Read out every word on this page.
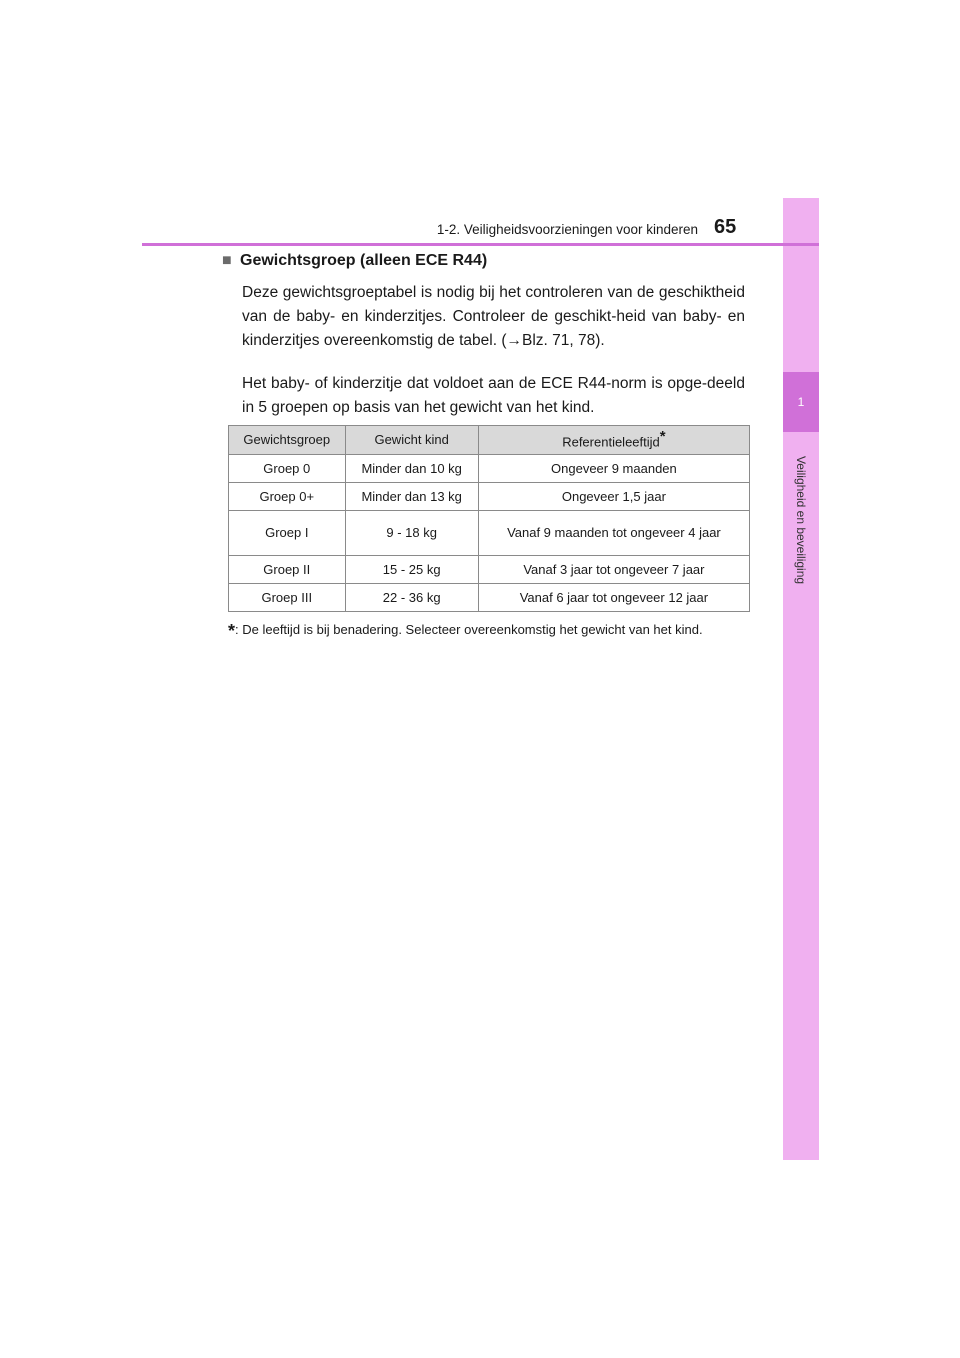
1
Veiligheid en beveiliging
1-2. Veiligheidsvoorzieningen voor kinderen 65
■ Gewichtsgroep (alleen ECE R44)
Deze gewichtsgroeptabel is nodig bij het controleren van de geschiktheid van de baby- en kinderzitjes. Controleer de geschikt-heid van baby- en kinderzitjes overeenkomstig de tabel. (→Blz. 71, 78).
Het baby- of kinderzitje dat voldoet aan de ECE R44-norm is opge-deeld in 5 groepen op basis van het gewicht van het kind.
Gewichtsgroep	Gewicht kind	Referentieleeftijd*
Groep 0	Minder dan 10 kg	Ongeveer 9 maanden
Groep 0+	Minder dan 13 kg	Ongeveer 1,5 jaar
Groep I	9 - 18 kg	Vanaf 9 maanden tot ongeveer 4 jaar
Groep II	15 - 25 kg	Vanaf 3 jaar tot ongeveer 7 jaar
Groep III	22 - 36 kg	Vanaf 6 jaar tot ongeveer 12 jaar
*: De leeftijd is bij benadering. Selecteer overeenkomstig het gewicht van het kind.
